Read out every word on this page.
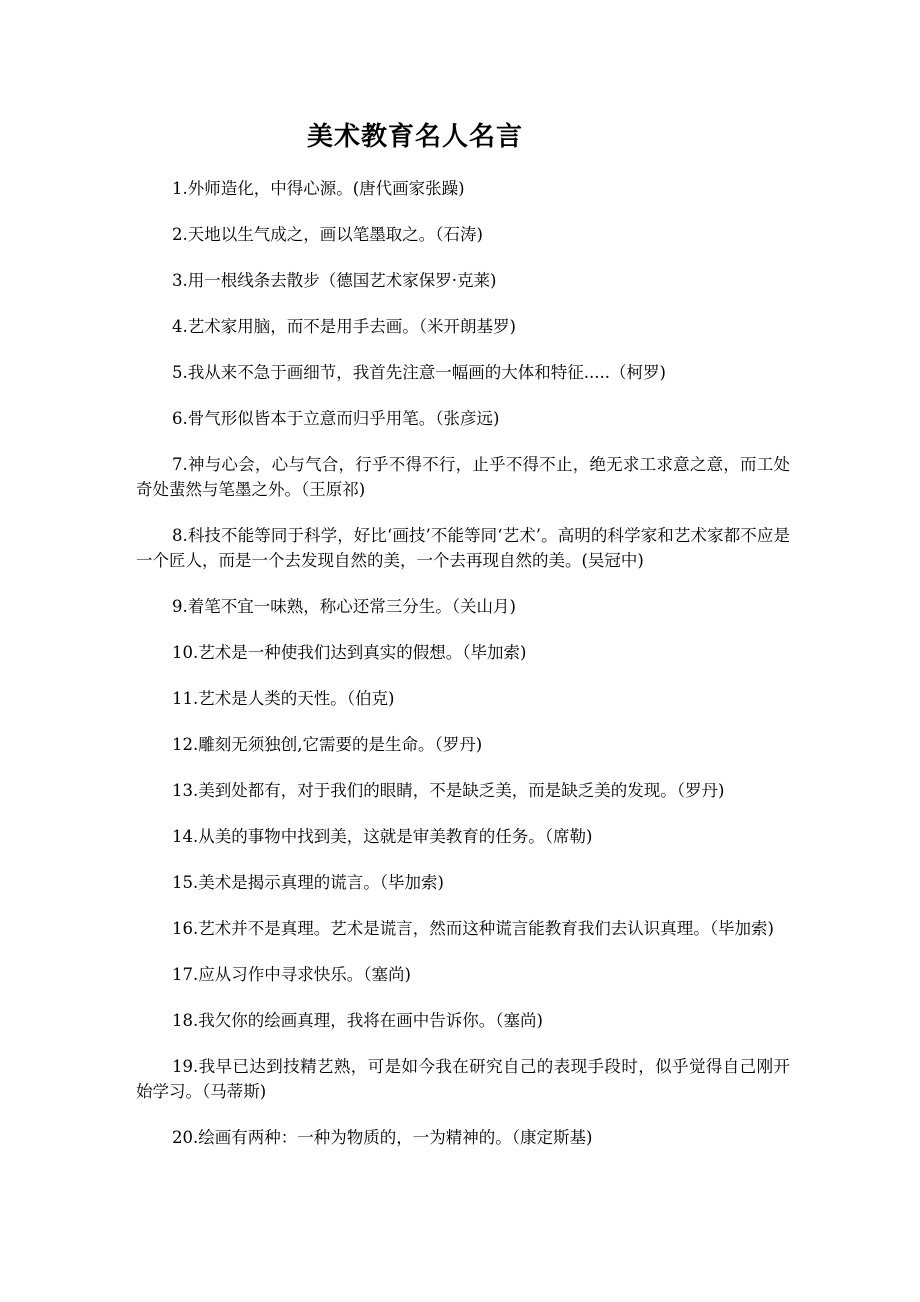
美术教育名人名言
1.外师造化，中得心源。(唐代画家张躁)
2.天地以生气成之，画以笔墨取之。（石涛)
3.用一根线条去散步（德国艺术家保罗·克莱)
4.艺术家用脑，而不是用手去画。（米开朗基罗)
5.我从来不急于画细节，我首先注意一幅画的大体和特征.....（柯罗)
6.骨气形似皆本于立意而归乎用笔。（张彦远)
7.神与心会，心与气合，行乎不得不行，止乎不得不止，绝无求工求意之意，而工处奇处蜚然与笔墨之外。（王原祁)
8.科技不能等同于科学，好比‘画技’不能等同‘艺术’。高明的科学家和艺术家都不应是一个匠人，而是一个去发现自然的美，一个去再现自然的美。(吴冠中)
9.着笔不宜一味熟，称心还常三分生。（关山月)
10.艺术是一种使我们达到真实的假想。（毕加索)
11.艺术是人类的天性。（伯克)
12.雕刻无须独创,它需要的是生命。（罗丹)
13.美到处都有，对于我们的眼睛，不是缺乏美，而是缺乏美的发现。（罗丹)
14.从美的事物中找到美，这就是审美教育的任务。（席勒)
15.美术是揭示真理的谎言。（毕加索)
16.艺术并不是真理。艺术是谎言，然而这种谎言能教育我们去认识真理。（毕加索)
17.应从习作中寻求快乐。（塞尚)
18.我欠你的绘画真理，我将在画中告诉你。（塞尚)
19.我早已达到技精艺熟，可是如今我在研究自己的表现手段时，似乎觉得自己刚开始学习。（马蒂斯)
20.绘画有两种：一种为物质的，一为精神的。（康定斯基)
